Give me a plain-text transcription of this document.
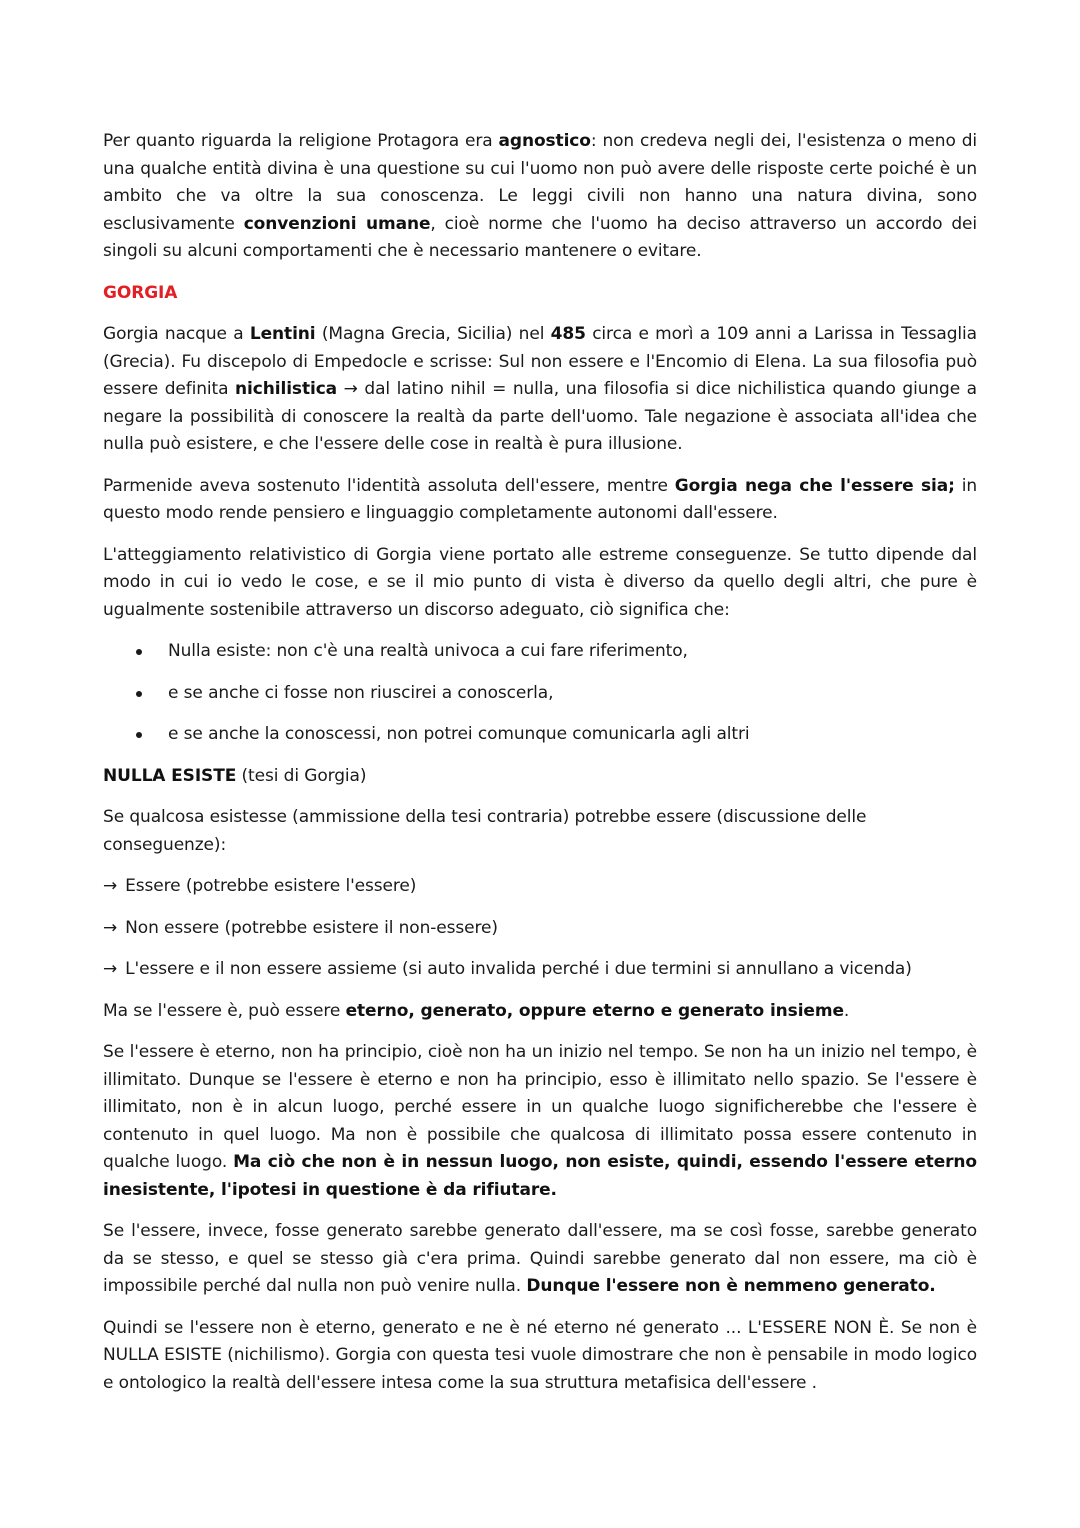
Per quanto riguarda la religione Protagora era agnostico: non credeva negli dei, l'esistenza o meno di una qualche entità divina è una questione su cui l'uomo non può avere delle risposte certe poiché è un ambito che va oltre la sua conoscenza. Le leggi civili non hanno una natura divina, sono esclusivamente convenzioni umane, cioè norme che l'uomo ha deciso attraverso un accordo dei singoli su alcuni comportamenti che è necessario mantenere o evitare.

GORGIA

Gorgia nacque a Lentini (Magna Grecia, Sicilia) nel 485 circa e morì a 109 anni a Larissa in Tessaglia (Grecia). Fu discepolo di Empedocle e scrisse: Sul non essere e l'Encomio di Elena. La sua filosofia può essere definita nichilistica → dal latino nihil = nulla, una filosofia si dice nichilistica quando giunge a negare la possibilità di conoscere la realtà da parte dell'uomo. Tale negazione è associata all'idea che nulla può esistere, e che l'essere delle cose in realtà è pura illusione.

Parmenide aveva sostenuto l'identità assoluta dell'essere, mentre Gorgia nega che l'essere sia; in questo modo rende pensiero e linguaggio completamente autonomi dall'essere.

L'atteggiamento relativistico di Gorgia viene portato alle estreme conseguenze. Se tutto dipende dal modo in cui io vedo le cose, e se il mio punto di vista è diverso da quello degli altri, che pure è ugualmente sostenibile attraverso un discorso adeguato, ciò significa che:

Nulla esiste: non c'è una realtà univoca a cui fare riferimento,
e se anche ci fosse non riuscirei a conoscerla,
e se anche la conoscessi, non potrei comunque comunicarla agli altri

NULLA ESISTE (tesi di Gorgia)

Se qualcosa esistesse (ammissione della tesi contraria) potrebbe essere (discussione delle conseguenze):

→ Essere (potrebbe esistere l'essere)

→ Non essere (potrebbe esistere il non-essere)

→ L'essere e il non essere assieme (si auto invalida perché i due termini si annullano a vicenda)

Ma se l'essere è, può essere eterno, generato, oppure eterno e generato insieme.

Se l'essere è eterno, non ha principio, cioè non ha un inizio nel tempo. Se non ha un inizio nel tempo, è illimitato. Dunque se l'essere è eterno e non ha principio, esso è illimitato nello spazio. Se l'essere è illimitato, non è in alcun luogo, perché essere in un qualche luogo significherebbe che l'essere è contenuto in quel luogo. Ma non è possibile che qualcosa di illimitato possa essere contenuto in qualche luogo. Ma ciò che non è in nessun luogo, non esiste, quindi, essendo l'essere eterno inesistente, l'ipotesi in questione è da rifiutare.

Se l'essere, invece, fosse generato sarebbe generato dall'essere, ma se così fosse, sarebbe generato da se stesso, e quel se stesso già c'era prima. Quindi sarebbe generato dal non essere, ma ciò è impossibile perché dal nulla non può venire nulla. Dunque l'essere non è nemmeno generato.

Quindi se l'essere non è eterno, generato e ne è né eterno né generato ... L'ESSERE NON È. Se non è NULLA ESISTE (nichilismo). Gorgia con questa tesi vuole dimostrare che non è pensabile in modo logico e ontologico la realtà dell'essere intesa come la sua struttura metafisica dell'essere .
